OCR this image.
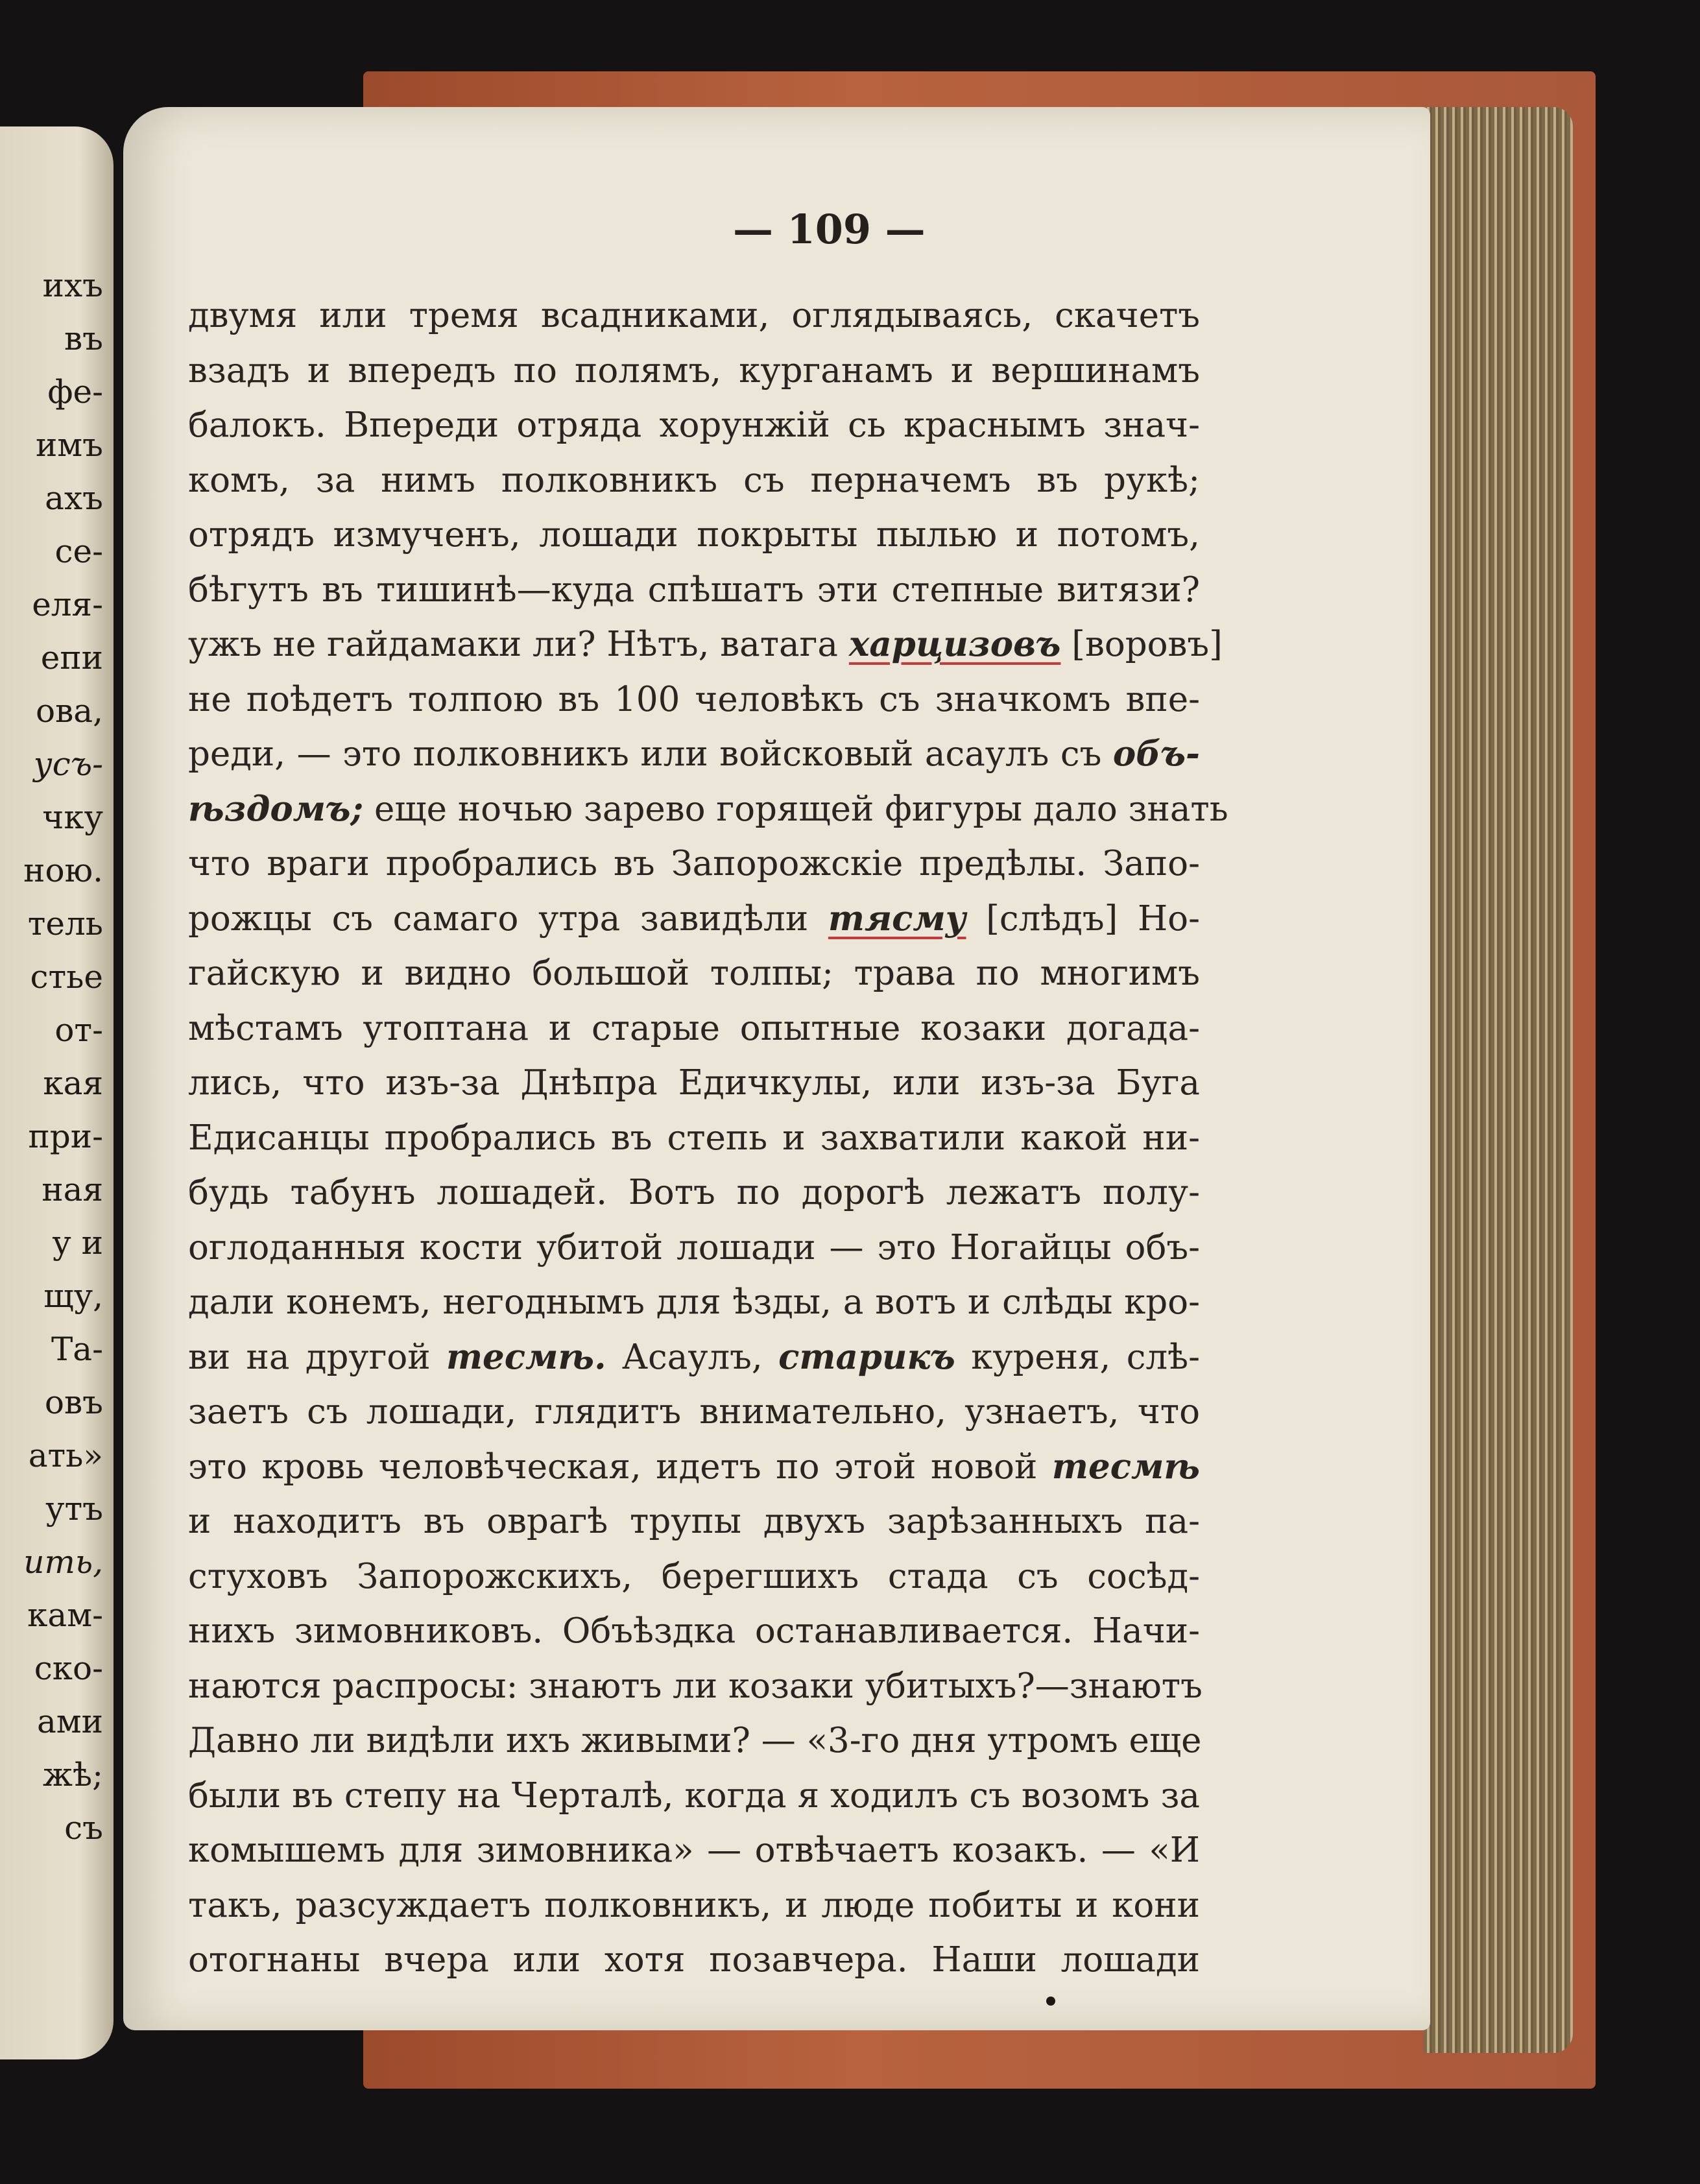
ихъ
въ
фе-
имъ
ахъ
се-
еля-
епи
ова,
усъ-
чку
ною.
тель
стье
от-
кая
при-
ная
у и
щу,
Та-
овъ
ать»
утъ
ить,
кам-
ско-
ами
жѣ;
съ
— 109 —
двумя или тремя всадниками, оглядываясь, скачетъ
взадъ и впередъ по полямъ, курганамъ и вершинамъ
балокъ. Впереди отряда хорунжій сь краснымъ знач-
комъ, за нимъ полковникъ съ перначемъ въ рукѣ;
отрядъ измученъ, лошади покрыты пылью и потомъ,
бѣгутъ въ тишинѣ—куда спѣшатъ эти степные витязи?
ужъ не гайдамаки ли? Нѣтъ, ватага харцизовъ [воровъ]
не поѣдетъ толпою въ 100 человѣкъ съ значкомъ впе-
реди, — это полковникъ или войсковый асаулъ съ объ-
ѣздомъ; еще ночью зарево горящей фигуры дало знать
что враги пробрались въ Запорожскіе предѣлы. Запо-
рожцы съ самаго утра завидѣли тясму [слѣдъ] Но-
гайскую и видно большой толпы; трава по многимъ
мѣстамъ утоптана и старые опытные козаки догада-
лись, что изъ-за Днѣпра Едичкулы, или изъ-за Буга
Едисанцы пробрались въ степь и захватили какой ни-
будь табунъ лошадей. Вотъ по дорогѣ лежатъ полу-
оглоданныя кости убитой лошади — это Ногайцы объ-
дали конемъ, негоднымъ для ѣзды, а вотъ и слѣды кро-
ви на другой тесмѣ. Асаулъ, старикъ куреня, слѣ-
заетъ съ лошади, глядитъ внимательно, узнаетъ, что
это кровь человѣческая, идетъ по этой новой тесмѣ
и находитъ въ оврагѣ трупы двухъ зарѣзанныхъ па-
стуховъ Запорожскихъ, берегшихъ стада съ сосѣд-
нихъ зимовниковъ. Объѣздка останавливается. Начи-
наются распросы: знаютъ ли козаки убитыхъ?—знаютъ
Давно ли видѣли ихъ живыми? — «3-го дня утромъ еще
были въ степу на Черталѣ, когда я ходилъ съ возомъ за
комышемъ для зимовника» — отвѣчаетъ козакъ. — «И
такъ, разсуждаетъ полковникъ, и люде побиты и кони
отогнаны вчера или хотя позавчера. Наши лошади
